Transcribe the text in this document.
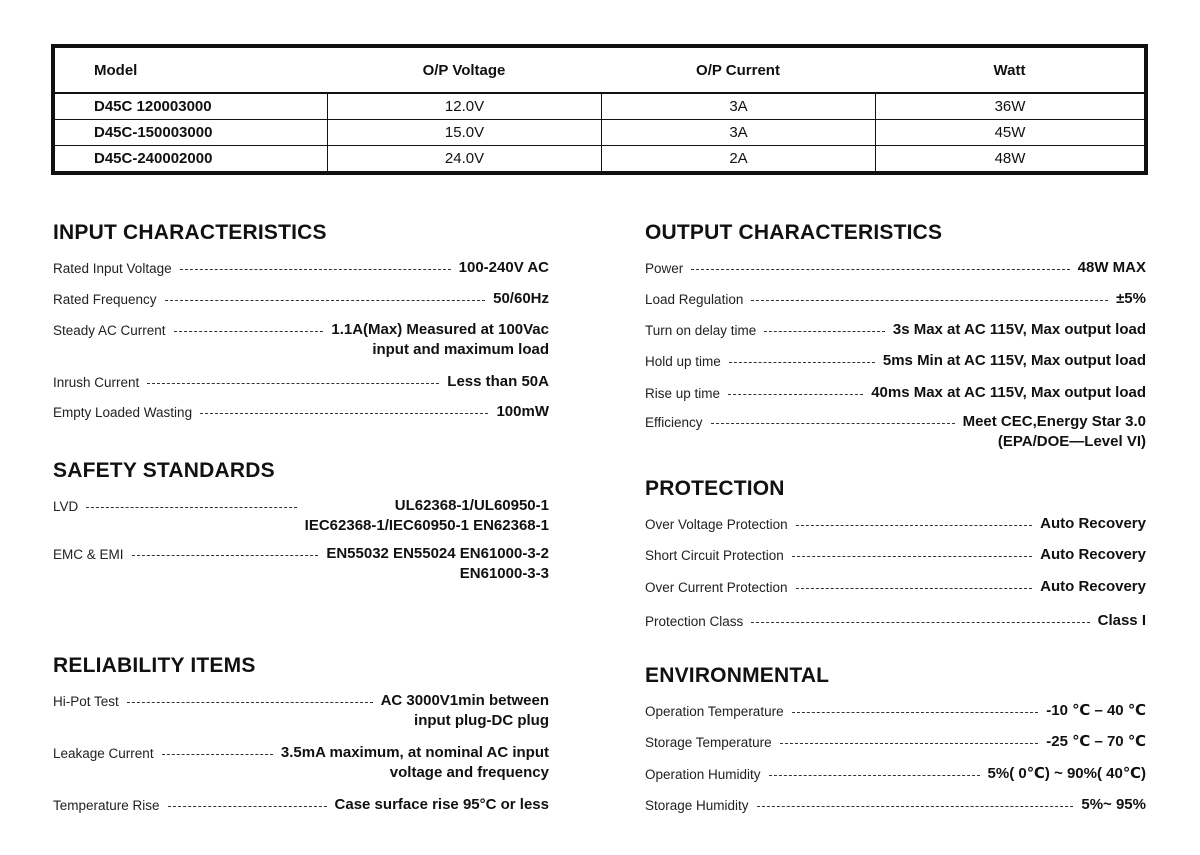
Model	O/P Voltage	O/P Current	Watt
D45C 120003000	12.0V	3A	36W
D45C-150003000	15.0V	3A	45W
D45C-240002000	24.0V	2A	48W
INPUT CHARACTERISTICS
Rated Input Voltage	100-240V AC
Rated Frequency	50/60Hz
Steady AC Current	1.1A(Max) Measured at 100Vac
input and maximum load
Inrush Current	Less than 50A
Empty Loaded Wasting	100mW
SAFETY STANDARDS
LVD	UL62368-1/UL60950-1
IEC62368-1/IEC60950-1 EN62368-1
EMC & EMI	EN55032 EN55024 EN61000-3-2
EN61000-3-3
RELIABILITY ITEMS
Hi-Pot Test	AC 3000V1min between
input plug-DC plug
Leakage Current	3.5mA maximum, at nominal AC input
voltage and frequency
Temperature Rise	Case surface rise 95°C or less
OUTPUT CHARACTERISTICS
Power	48W MAX
Load Regulation	±5%
Turn on delay time	3s Max at AC 115V, Max output load
Hold up time	5ms Min at AC 115V, Max output load
Rise up time	40ms Max at AC 115V, Max output load
Efficiency	Meet CEC,Energy Star 3.0
(EPA/DOE—Level VI)
PROTECTION
Over Voltage Protection	Auto Recovery
Short Circuit Protection	Auto Recovery
Over Current Protection	Auto Recovery
Protection Class	Class I
ENVIRONMENTAL
Operation Temperature	-10 ℃ – 40 ℃
Storage Temperature	-25 ℃ – 70 ℃
Operation Humidity	5%( 0℃) ~ 90%( 40℃)
Storage Humidity	5%~ 95%
